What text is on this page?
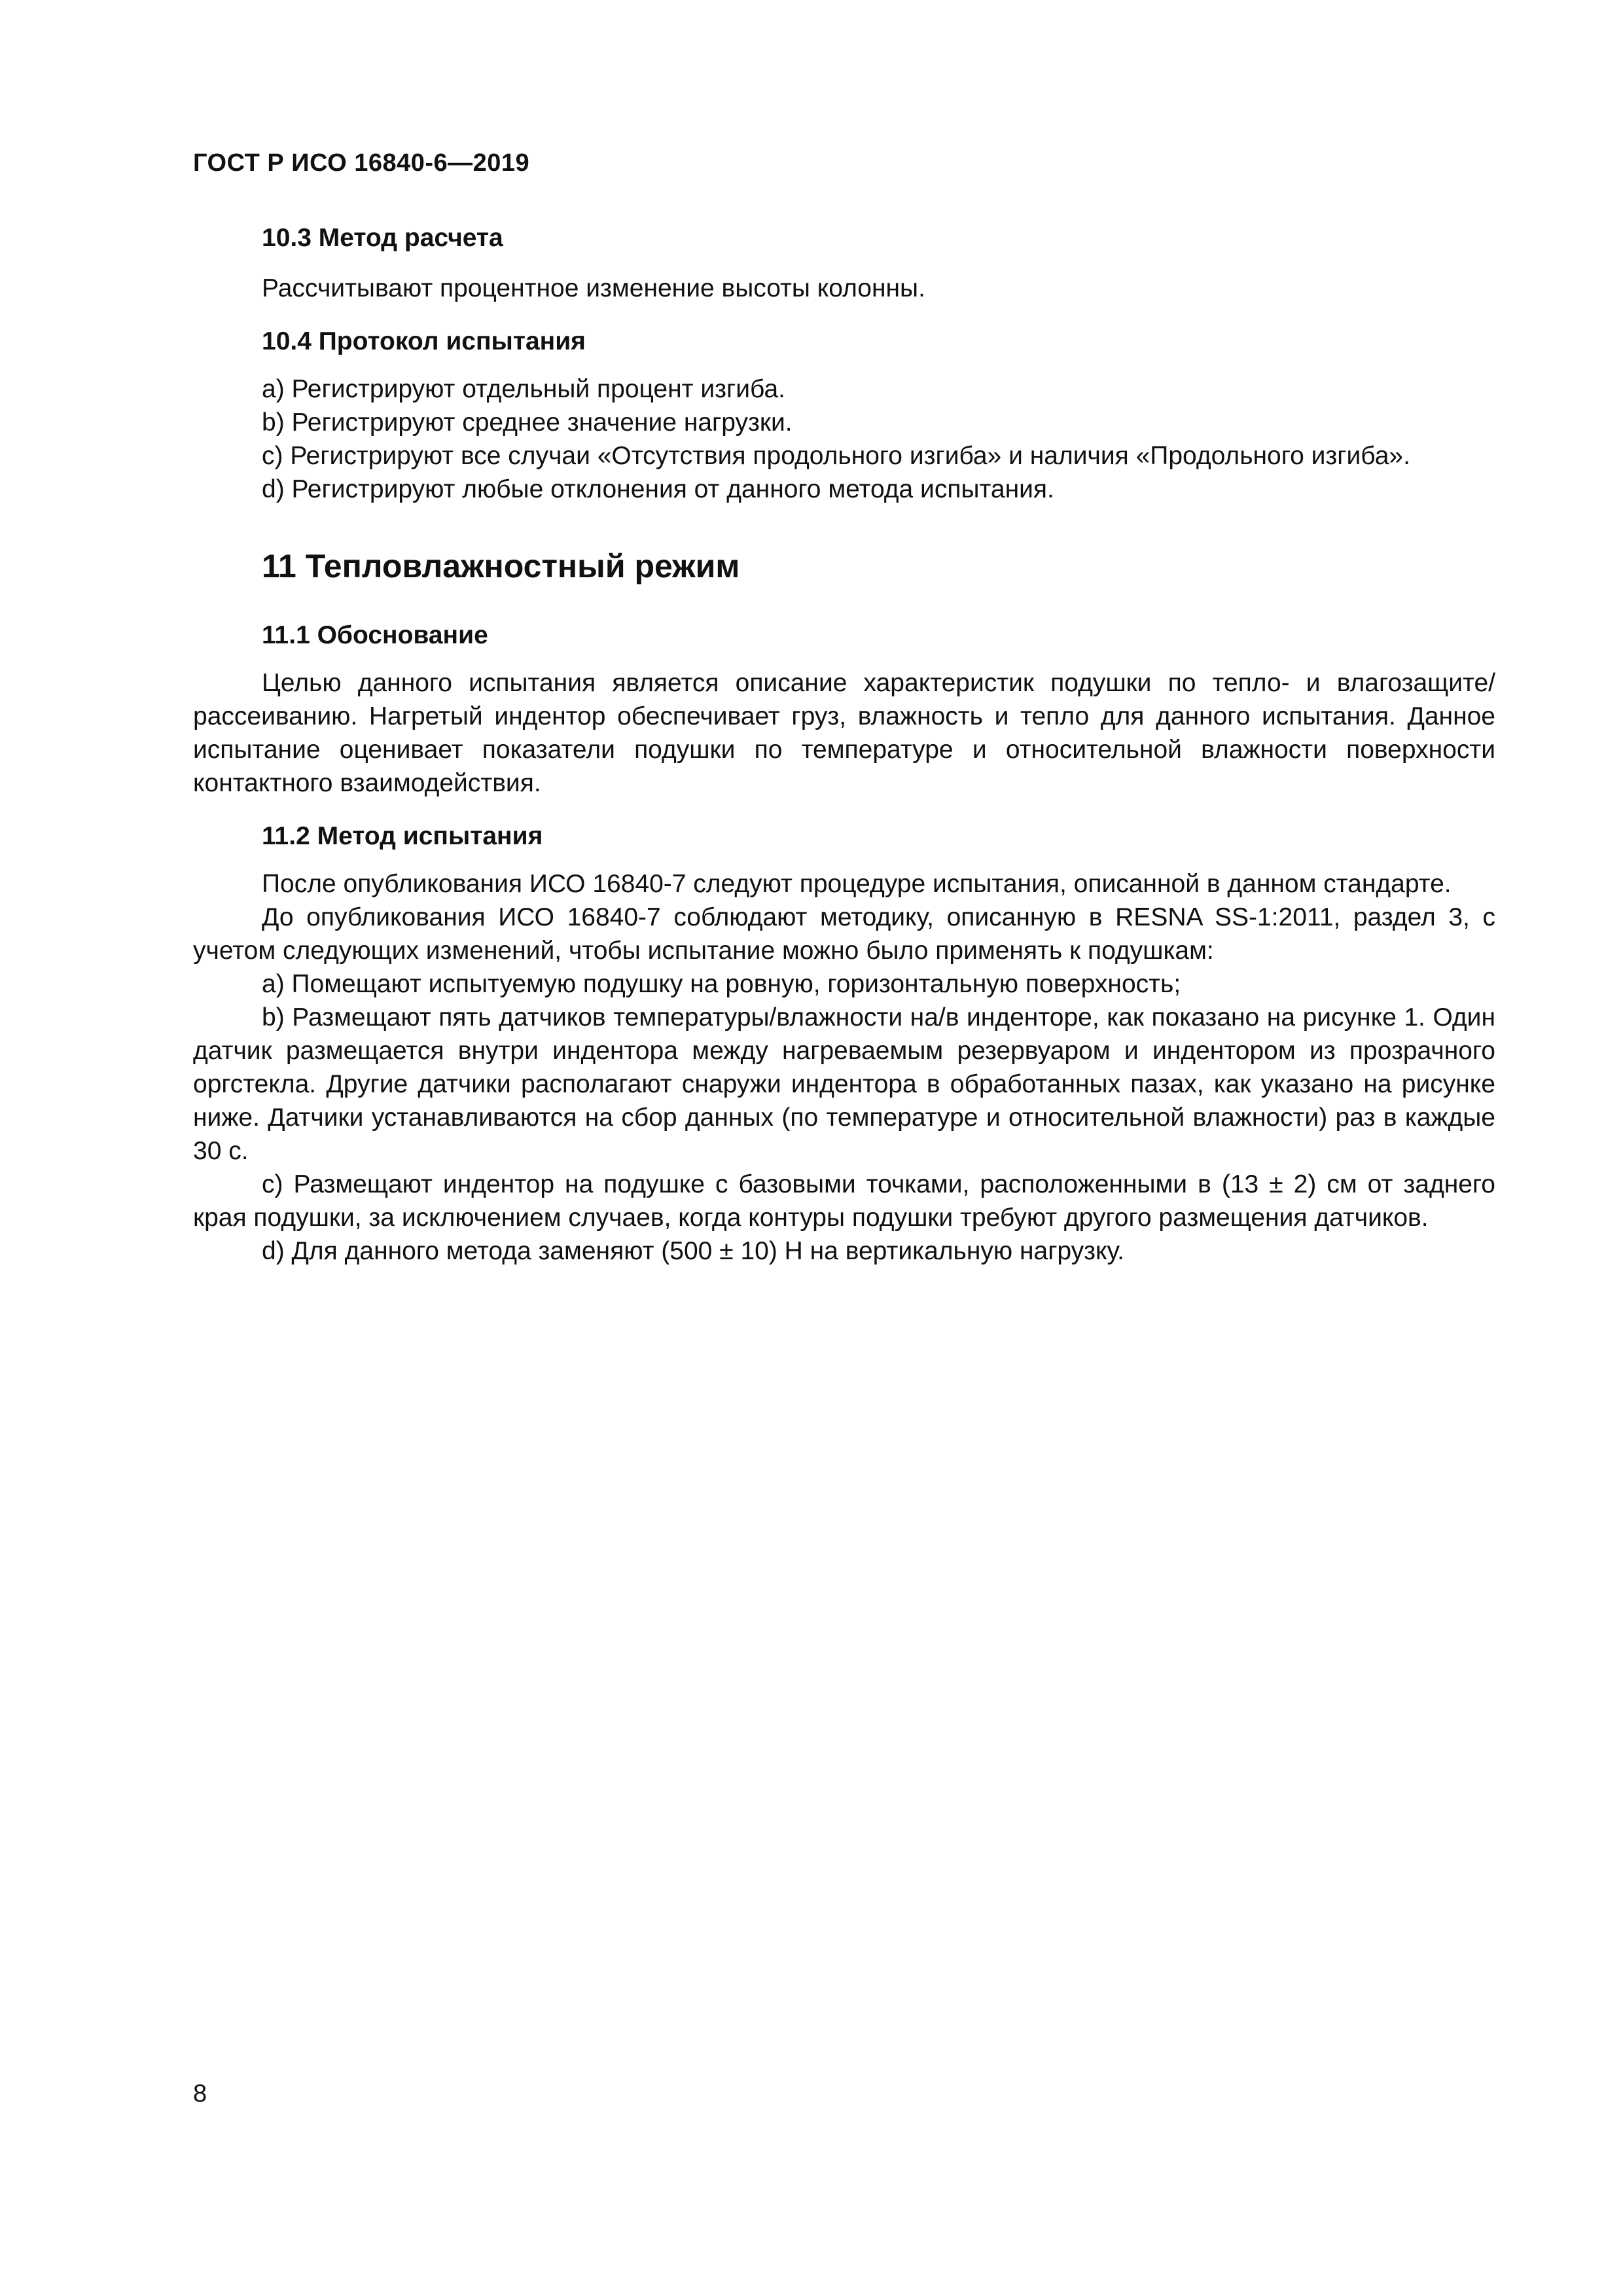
ГОСТ Р ИСО 16840-6—2019
10.3 Метод расчета
Рассчитывают процентное изменение высоты колонны.
10.4 Протокол испытания
a) Регистрируют отдельный процент изгиба.
b) Регистрируют среднее значение нагрузки.
c) Регистрируют все случаи «Отсутствия продольного изгиба» и наличия «Продольного изгиба».
d) Регистрируют любые отклонения от данного метода испытания.
11 Тепловлажностный режим
11.1 Обоснование

Целью данного испытания является описание характеристик подушки по тепло- и влагозащите/рассеиванию. Нагретый индентор обеспечивает груз, влажность и тепло для данного испытания. Данное испытание оценивает показатели подушки по температуре и относительной влажности поверхности контактного взаимодействия.

11.2 Метод испытания

После опубликования ИСО 16840-7 следуют процедуре испытания, описанной в данном стандарте.

До опубликования ИСО 16840-7 соблюдают методику, описанную в RESNA SS-1:2011, раздел 3, с учетом следующих изменений, чтобы испытание можно было применять к подушкам:

a) Помещают испытуемую подушку на ровную, горизонтальную поверхность;

b) Размещают пять датчиков температуры/влажности на/в инденторе, как показано на рисунке 1. Один датчик размещается внутри индентора между нагреваемым резервуаром и индентором из прозрачного оргстекла. Другие датчики располагают снаружи индентора в обработанных пазах, как указано на рисунке ниже. Датчики устанавливаются на сбор данных (по температуре и относительной влажности) раз в каждые 30 с.

c) Размещают индентор на подушке с базовыми точками, расположенными в (13 ± 2) см от заднего края подушки, за исключением случаев, когда контуры подушки требуют другого размещения датчиков.

d) Для данного метода заменяют (500 ± 10) Н на вертикальную нагрузку.

8
